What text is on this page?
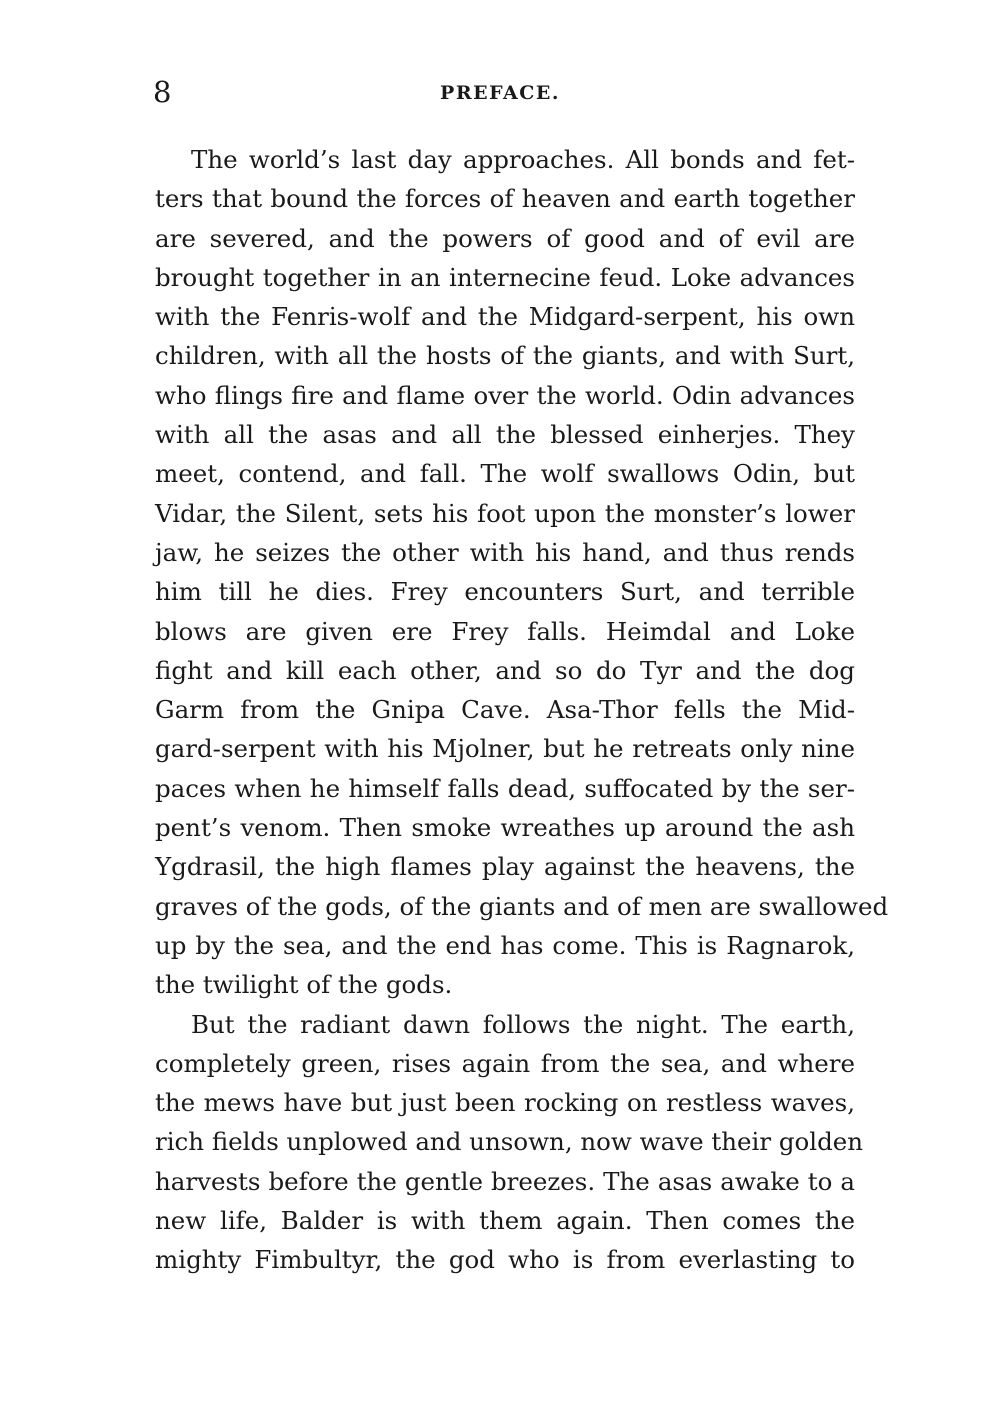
8	PREFACE.
The world’s last day approaches. All bonds and fet-
ters that bound the forces of heaven and earth together
are severed, and the powers of good and of evil are
brought together in an internecine feud. Loke advances
with the Fenris-wolf and the Midgard-serpent, his own
children, with all the hosts of the giants, and with Surt,
who flings fire and flame over the world. Odin advances
with all the asas and all the blessed einherjes. They
meet, contend, and fall. The wolf swallows Odin, but
Vidar, the Silent, sets his foot upon the monster’s lower
jaw, he seizes the other with his hand, and thus rends
him till he dies. Frey encounters Surt, and terrible
blows are given ere Frey falls. Heimdal and Loke
fight and kill each other, and so do Tyr and the dog
Garm from the Gnipa Cave. Asa-Thor fells the Mid-
gard-serpent with his Mjolner, but he retreats only nine
paces when he himself falls dead, suffocated by the ser-
pent’s venom. Then smoke wreathes up around the ash
Ygdrasil, the high flames play against the heavens, the
graves of the gods, of the giants and of men are swallowed
up by the sea, and the end has come. This is Ragnarok,
the twilight of the gods.
But the radiant dawn follows the night. The earth,
completely green, rises again from the sea, and where
the mews have but just been rocking on restless waves,
rich fields unplowed and unsown, now wave their golden
harvests before the gentle breezes. The asas awake to a
new life, Balder is with them again. Then comes the
mighty Fimbultyr, the god who is from everlasting to
